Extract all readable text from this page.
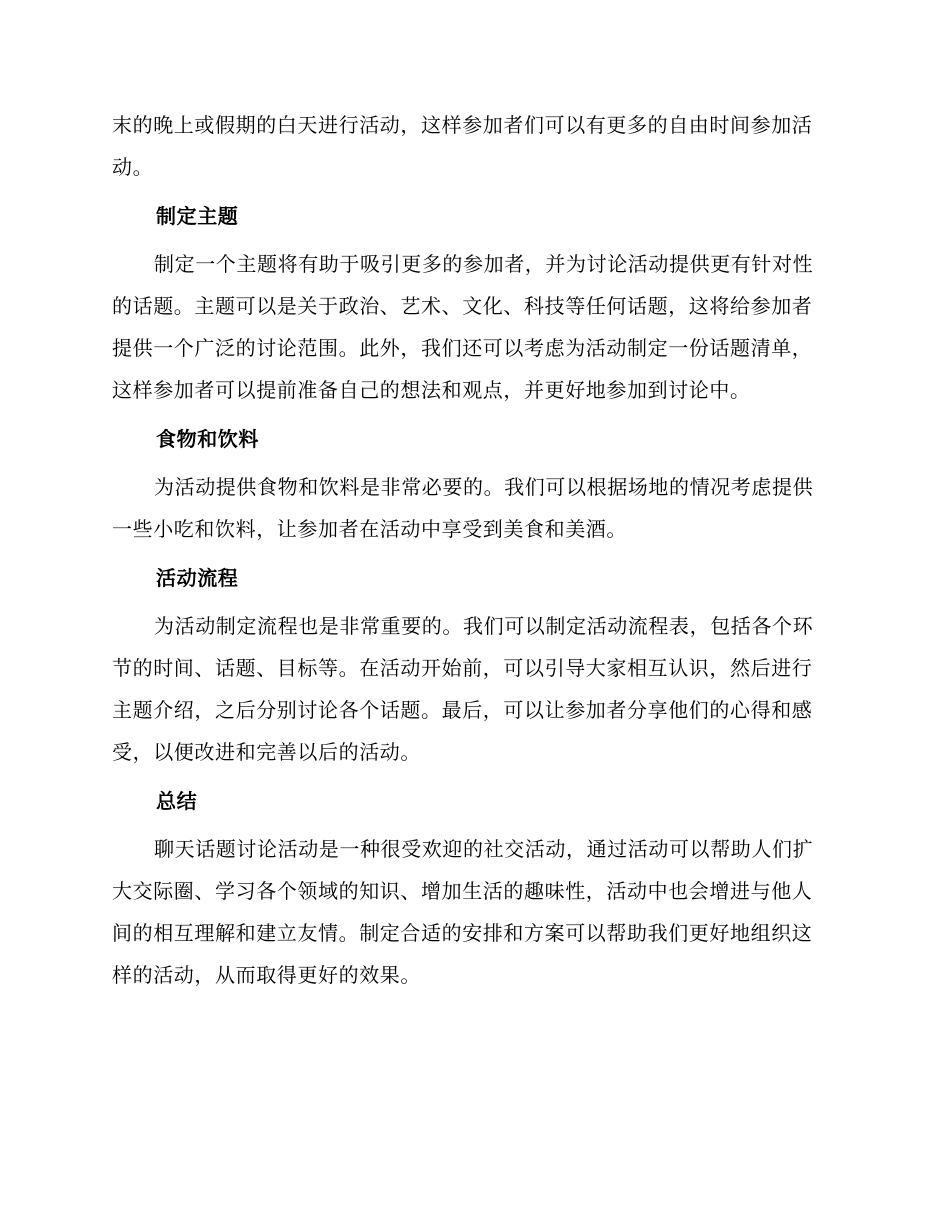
末的晚上或假期的白天进行活动，这样参加者们可以有更多的自由时间参加活动。

制定主题

制定一个主题将有助于吸引更多的参加者，并为讨论活动提供更有针对性的话题。主题可以是关于政治、艺术、文化、科技等任何话题，这将给参加者提供一个广泛的讨论范围。此外，我们还可以考虑为活动制定一份话题清单，这样参加者可以提前准备自己的想法和观点，并更好地参加到讨论中。

食物和饮料

为活动提供食物和饮料是非常必要的。我们可以根据场地的情况考虑提供一些小吃和饮料，让参加者在活动中享受到美食和美酒。

活动流程

为活动制定流程也是非常重要的。我们可以制定活动流程表，包括各个环节的时间、话题、目标等。在活动开始前，可以引导大家相互认识，然后进行主题介绍，之后分别讨论各个话题。最后，可以让参加者分享他们的心得和感受，以便改进和完善以后的活动。

总结

聊天话题讨论活动是一种很受欢迎的社交活动，通过活动可以帮助人们扩大交际圈、学习各个领域的知识、增加生活的趣味性，活动中也会增进与他人间的相互理解和建立友情。制定合适的安排和方案可以帮助我们更好地组织这样的活动，从而取得更好的效果。
